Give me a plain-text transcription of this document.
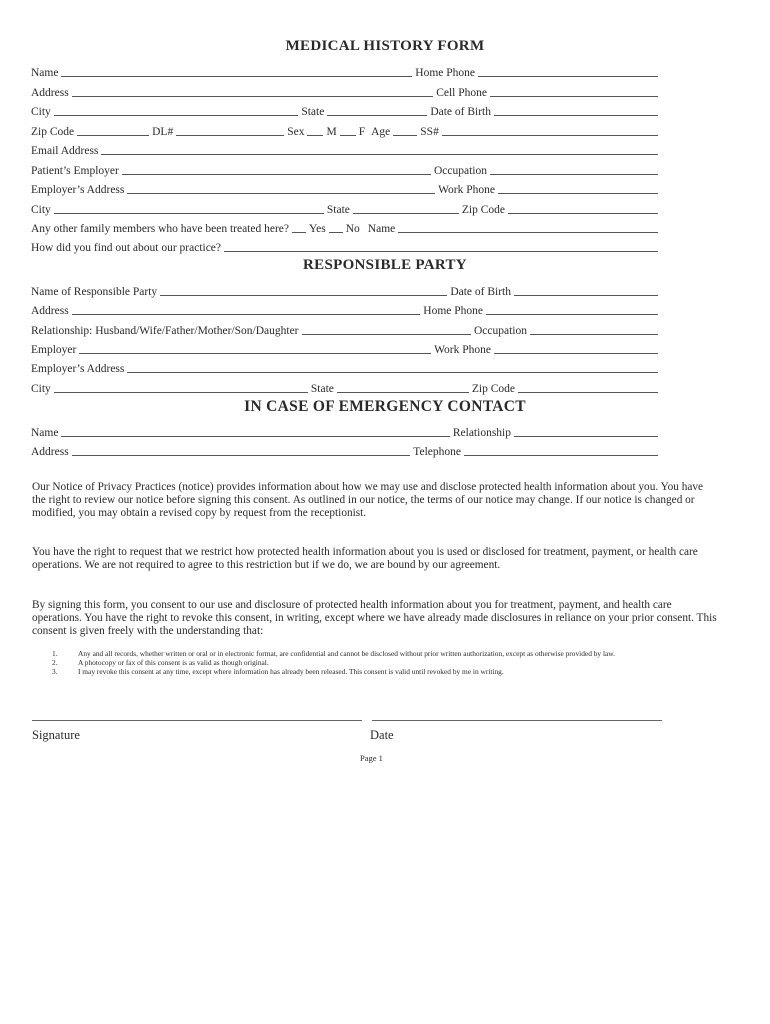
MEDICAL HISTORY FORM
Name	Home Phone
Address	Cell Phone
City	State	Date of Birth
Zip Code	DL#	Sex M F Age	SS#
Email Address
Patient’s Employer	Occupation
Employer’s Address	Work Phone
City	State	Zip Code
Any other family members who have been treated here? Yes No Name
How did you find out about our practice?
RESPONSIBLE PARTY
Name of Responsible Party	Date of Birth
Address	Home Phone
Relationship: Husband/Wife/Father/Mother/Son/Daughter	Occupation
Employer	Work Phone
Employer’s Address
City	State	Zip Code
IN CASE OF EMERGENCY CONTACT
Name	Relationship
Address	Telephone
Our Notice of Privacy Practices (notice) provides information about how we may use and disclose protected health information about you. You have the right to review our notice before signing this consent. As outlined in our notice, the terms of our notice may change. If our notice is changed or modified, you may obtain a revised copy by request from the receptionist.
You have the right to request that we restrict how protected health information about you is used or disclosed for treatment, payment, or health care operations. We are not required to agree to this restriction but if we do, we are bound by our agreement.
By signing this form, you consent to our use and disclosure of protected health information about you for treatment, payment, and health care operations. You have the right to revoke this consent, in writing, except where we have already made disclosures in reliance on your prior consent. This consent is given freely with the understanding that:
1.	Any and all records, whether written or oral or in electronic format, are confidential and cannot be disclosed without prior written authorization, except as otherwise provided by law.
2.	A photocopy or fax of this consent is as valid as though original.
3.	I may revoke this consent at any time, except where information has already been released. This consent is valid until revoked by me in writing.
Signature	Date
Page 1
